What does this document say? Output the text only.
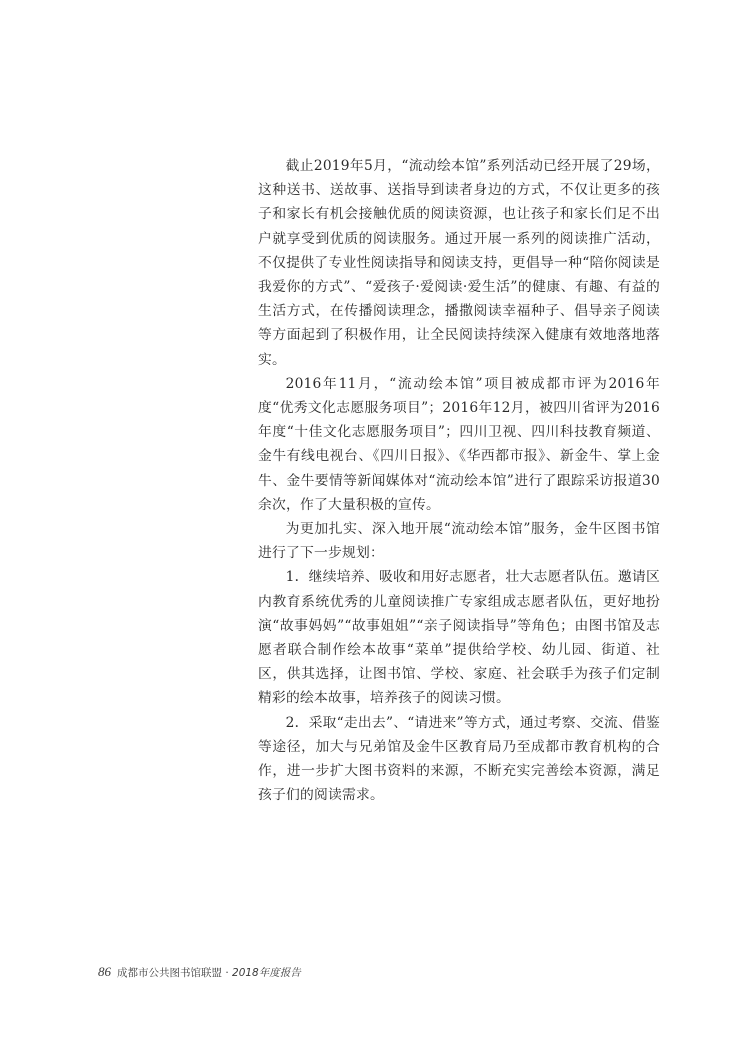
截止2019年5月，“流动绘本馆”系列活动已经开展了29场，这种送书、送故事、送指导到读者身边的方式，不仅让更多的孩子和家长有机会接触优质的阅读资源，也让孩子和家长们足不出户就享受到优质的阅读服务。通过开展一系列的阅读推广活动，不仅提供了专业性阅读指导和阅读支持，更倡导一种“陪你阅读是我爱你的方式”、“爱孩子·爱阅读·爱生活”的健康、有趣、有益的生活方式，在传播阅读理念，播撒阅读幸福种子、倡导亲子阅读等方面起到了积极作用，让全民阅读持续深入健康有效地落地落实。

2016年11月，“流动绘本馆”项目被成都市评为2016年度“优秀文化志愿服务项目”；2016年12月，被四川省评为2016年度“十佳文化志愿服务项目”；四川卫视、四川科技教育频道、金牛有线电视台、《四川日报》、《华西都市报》、新金牛、掌上金牛、金牛要情等新闻媒体对“流动绘本馆”进行了跟踪采访报道30余次，作了大量积极的宣传。

为更加扎实、深入地开展“流动绘本馆”服务，金牛区图书馆进行了下一步规划：

1．继续培养、吸收和用好志愿者，壮大志愿者队伍。邀请区内教育系统优秀的儿童阅读推广专家组成志愿者队伍，更好地扮演“故事妈妈”“故事姐姐”“亲子阅读指导”等角色；由图书馆及志愿者联合制作绘本故事“菜单”提供给学校、幼儿园、街道、社区，供其选择，让图书馆、学校、家庭、社会联手为孩子们定制精彩的绘本故事，培养孩子的阅读习惯。

2．采取“走出去”、“请进来”等方式，通过考察、交流、借鉴等途径，加大与兄弟馆及金牛区教育局乃至成都市教育机构的合作，进一步扩大图书资料的来源，不断充实完善绘本资源，满足孩子们的阅读需求。

86 成都市公共图书馆联盟 · 2018年度报告
